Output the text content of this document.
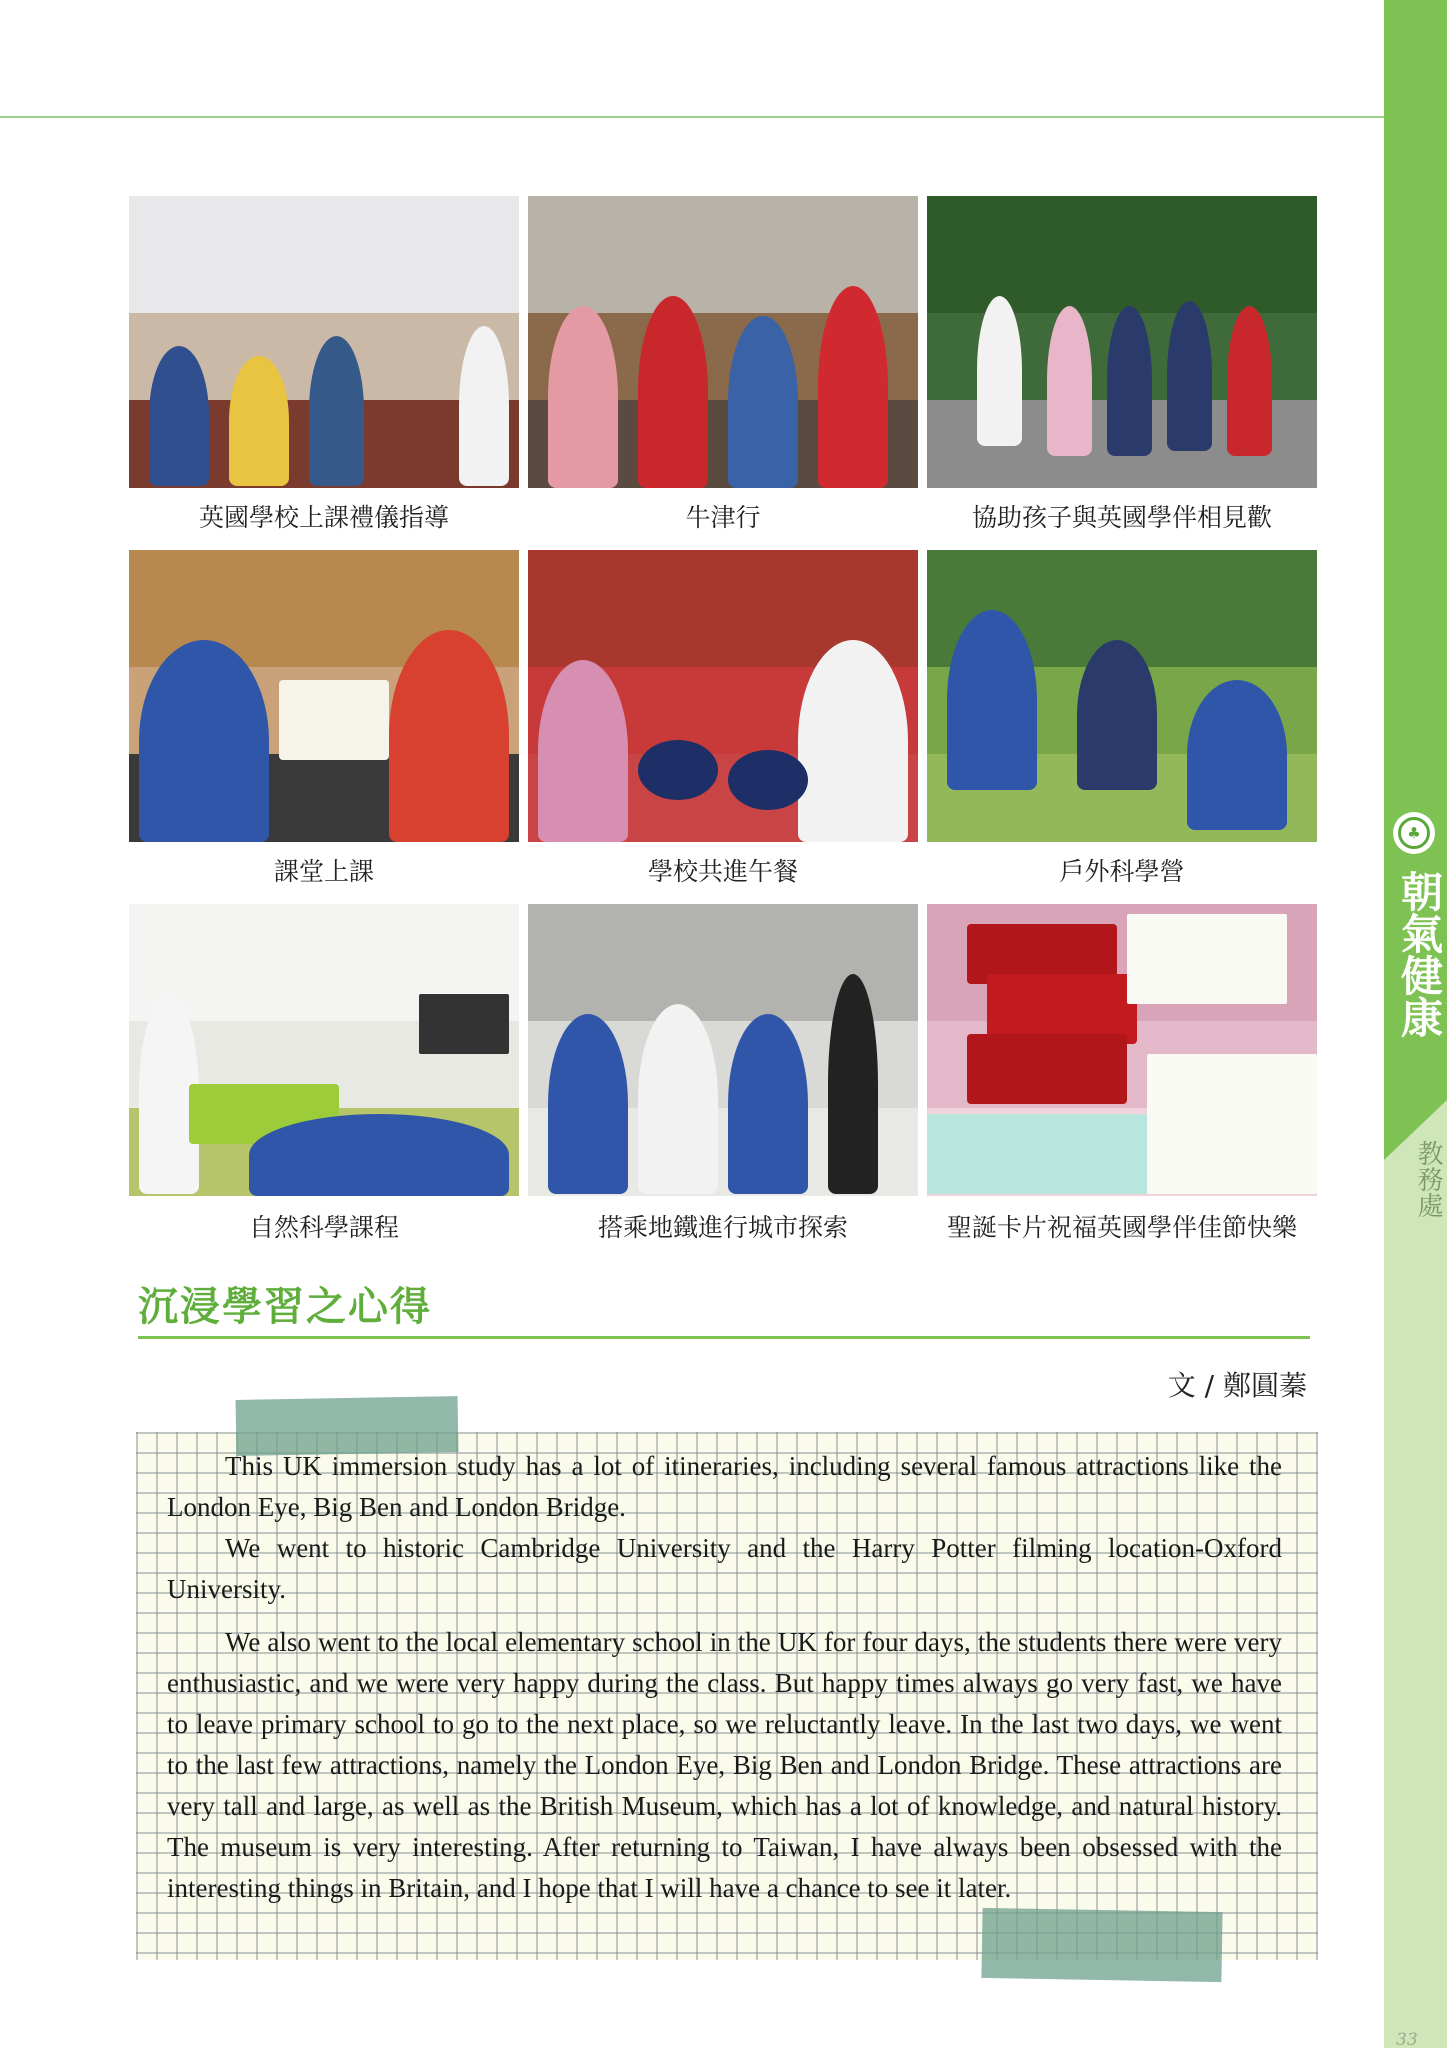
♣
朝氣健康
教務處
33
英國學校上課禮儀指導	牛津行	協助孩子與英國學伴相見歡
課堂上課	學校共進午餐	戶外科學營
自然科學課程	搭乘地鐵進行城市探索	聖誕卡片祝福英國學伴佳節快樂
沉浸學習之心得
文 / 鄭圓蓁

This UK immersion study has a lot of itineraries, including several famous attractions like the London Eye, Big Ben and London Bridge.

We went to historic Cambridge University and the Harry Potter filming location-Oxford University.

We also went to the local elementary school in the UK for four days, the students there were very enthusiastic, and we were very happy during the class. But happy times always go very fast, we have to leave primary school to go to the next place, so we reluctantly leave. In the last two days, we went to the last few attractions, namely the London Eye, Big Ben and London Bridge. These attractions are very tall and large, as well as the British Museum, which has a lot of knowledge, and natural history. The museum is very interesting. After returning to Taiwan, I have always been obsessed with the interesting things in Britain, and I hope that I will have a chance to see it later.
